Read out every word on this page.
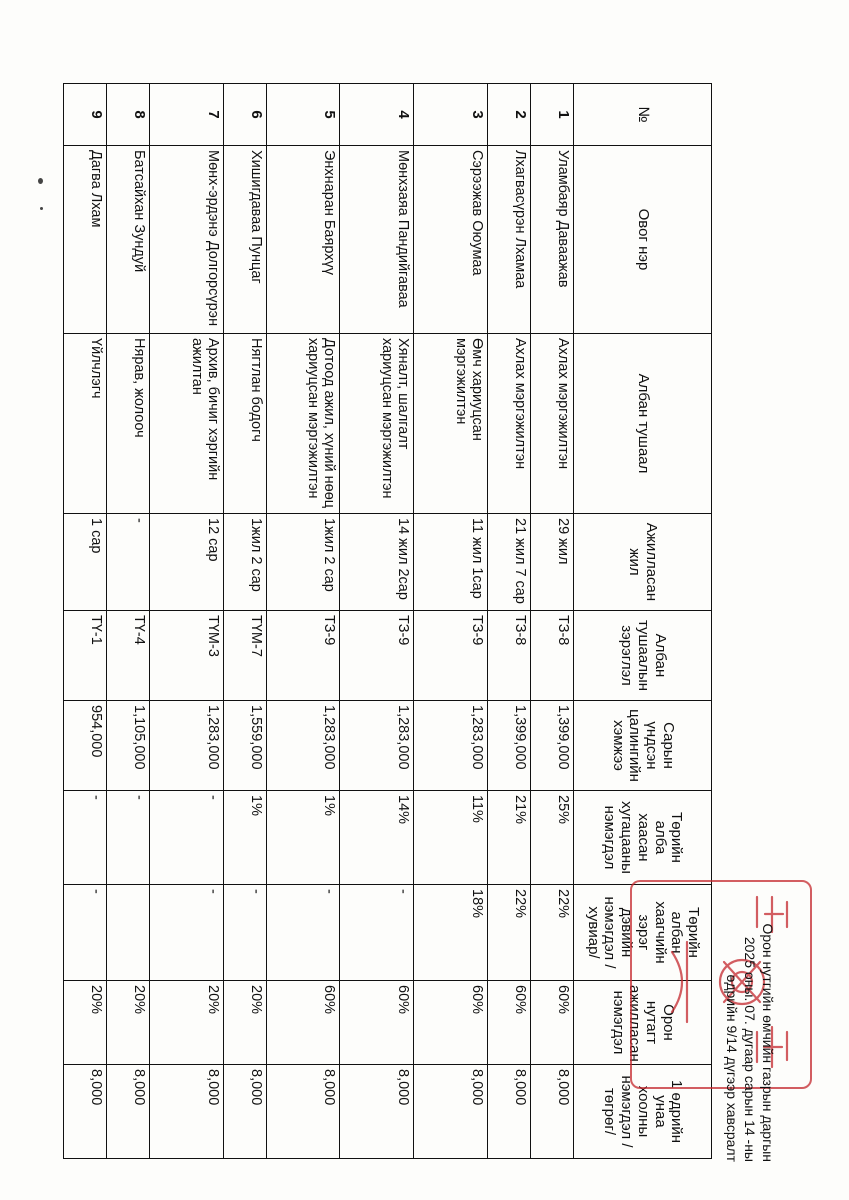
№	Овог нэр	Албан тушаал	Ажилласан жил	Албан тушаалын зэрэглэл	Сарын үндсэн цалингийн хэмжээ	Төрийн алба хаасан хугацааны нэмэгдэл	Төрийн албан хаагчийн зэрэг дэвийн нэмэгдэл /хувиар/	Орон нутагт ажилласан нэмэгдэл	1 өдрийн унаа хоолны нэмэгдэл /төгрөг/
1	Уламбаяр Даваажав	Ахлах мэргэжилтэн	29 жил	ТЗ-8	1,399,000	25%	22%	60%	8,000
2	Лхагвасүрэн Лхамаа	Ахлах мэргэжилтэн	21 жил 7 сар	ТЗ-8	1,399,000	21%	22%	60%	8,000
3	Сэрээжав Оюумаа	Өмч хариуцсан мэргэжилтэн	11 жил 1сар	ТЗ-9	1,283,000	11%	18%	60%	8,000
4	Мөнхзаяа Пандийгаваа	Хяналт, шалгалт хариуцсан мэргэжилтэн	14 жил 2сар	ТЗ-9	1,283,000	14%	-	60%	8,000
5	Энхнаран Баярхүү	Дотоод ажил, хүний нөөц хариуцсан мэргэжилтэн	1жил 2 сар	ТЗ-9	1,283,000	1%	-	60%	8,000
6	Хишигдаваа Пунцаг	Нягтлан бодогч	1жил 2 сар	ТҮМ-7	1,559,000	1%	-	20%	8,000
7	Мөнх-эрдэнэ Долгорсүрэн	Архив, бичиг хэргийн ажилтан	12 сар	ТҮМ-3	1,283,000	-	-	20%	8,000
8	Батсайхан Зундуй	Нярав, жолооч	-	ТҮ-4	1,105,000	-		20%	8,000
9	Дагва Лхам	Үйлчлэгч	1 сар	ТҮ-1	954,000	-	-	20%	8,000	Орон нутгийн өмчийн газрын даргын
2025 оны. 07. дугаар сарын 14 -ны
өдрийн 9/14 дүгээр хавсралт
